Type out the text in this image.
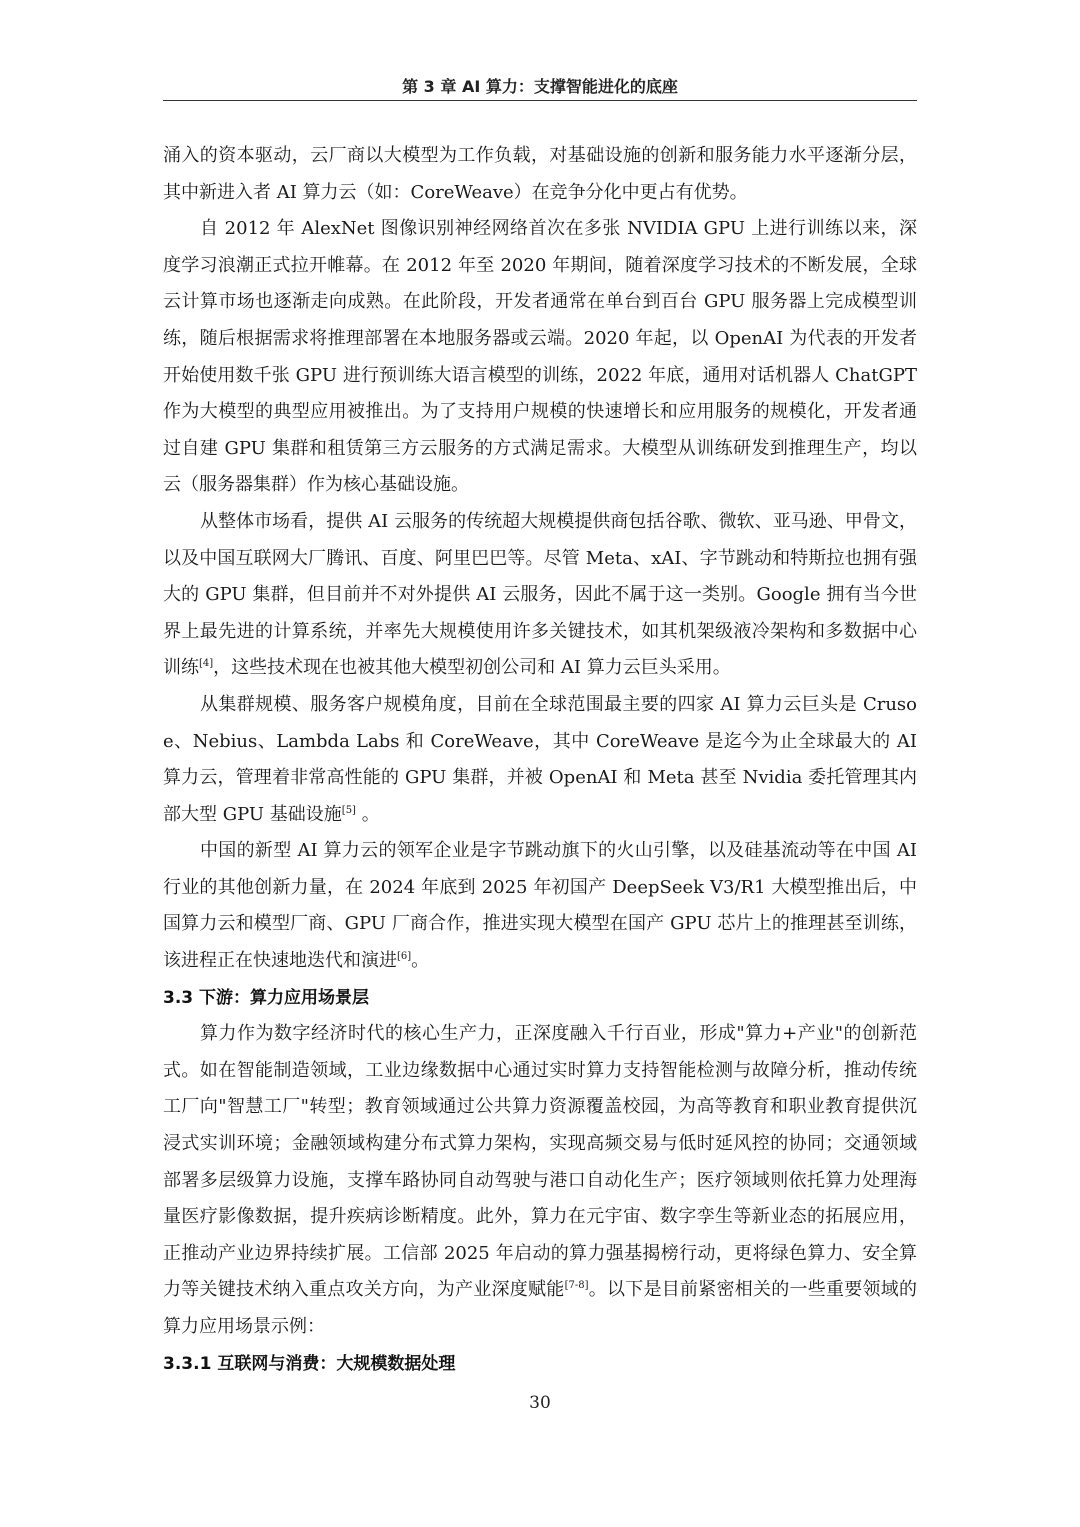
第 3 章 AI 算力：支撑智能进化的底座

涌入的资本驱动，云厂商以大模型为工作负载，对基础设施的创新和服务能力水平逐渐分层，其中新进入者 AI 算力云（如：CoreWeave）在竞争分化中更占有优势。

自 2012 年 AlexNet 图像识别神经网络首次在多张 NVIDIA GPU 上进行训练以来，深度学习浪潮正式拉开帷幕。在 2012 年至 2020 年期间，随着深度学习技术的不断发展，全球云计算市场也逐渐走向成熟。在此阶段，开发者通常在单台到百台 GPU 服务器上完成模型训练，随后根据需求将推理部署在本地服务器或云端。2020 年起，以 OpenAI 为代表的开发者开始使用数千张 GPU 进行预训练大语言模型的训练，2022 年底，通用对话机器人 ChatGPT 作为大模型的典型应用被推出。为了支持用户规模的快速增长和应用服务的规模化，开发者通过自建 GPU 集群和租赁第三方云服务的方式满足需求。大模型从训练研发到推理生产，均以云（服务器集群）作为核心基础设施。

从整体市场看，提供 AI 云服务的传统超大规模提供商包括谷歌、微软、亚马逊、甲骨文，以及中国互联网大厂腾讯、百度、阿里巴巴等。尽管 Meta、xAI、字节跳动和特斯拉也拥有强大的 GPU 集群，但目前并不对外提供 AI 云服务，因此不属于这一类别。Google 拥有当今世界上最先进的计算系统，并率先大规模使用许多关键技术，如其机架级液冷架构和多数据中心训练[4]，这些技术现在也被其他大模型初创公司和 AI 算力云巨头采用。

从集群规模、服务客户规模角度，目前在全球范围最主要的四家 AI 算力云巨头是 Crusoe、Nebius、Lambda Labs 和 CoreWeave，其中 CoreWeave 是迄今为止全球最大的 AI 算力云，管理着非常高性能的 GPU 集群，并被 OpenAI 和 Meta 甚至 Nvidia 委托管理其内部大型 GPU 基础设施[5] 。

中国的新型 AI 算力云的领军企业是字节跳动旗下的火山引擎，以及硅基流动等在中国 AI 行业的其他创新力量，在 2024 年底到 2025 年初国产 DeepSeek V3/R1 大模型推出后，中国算力云和模型厂商、GPU 厂商合作，推进实现大模型在国产 GPU 芯片上的推理甚至训练，该进程正在快速地迭代和演进[6]。

3.3 下游：算力应用场景层

算力作为数字经济时代的核心生产力，正深度融入千行百业，形成"算力+产业"的创新范式。如在智能制造领域，工业边缘数据中心通过实时算力支持智能检测与故障分析，推动传统工厂向"智慧工厂"转型；教育领域通过公共算力资源覆盖校园，为高等教育和职业教育提供沉浸式实训环境；金融领域构建分布式算力架构，实现高频交易与低时延风控的协同；交通领域部署多层级算力设施，支撑车路协同自动驾驶与港口自动化生产；医疗领域则依托算力处理海量医疗影像数据，提升疾病诊断精度。此外，算力在元宇宙、数字孪生等新业态的拓展应用，正推动产业边界持续扩展。工信部 2025 年启动的算力强基揭榜行动，更将绿色算力、安全算力等关键技术纳入重点攻关方向，为产业深度赋能[7-8]。以下是目前紧密相关的一些重要领域的算力应用场景示例：

3.3.1 互联网与消费：大规模数据处理
30
